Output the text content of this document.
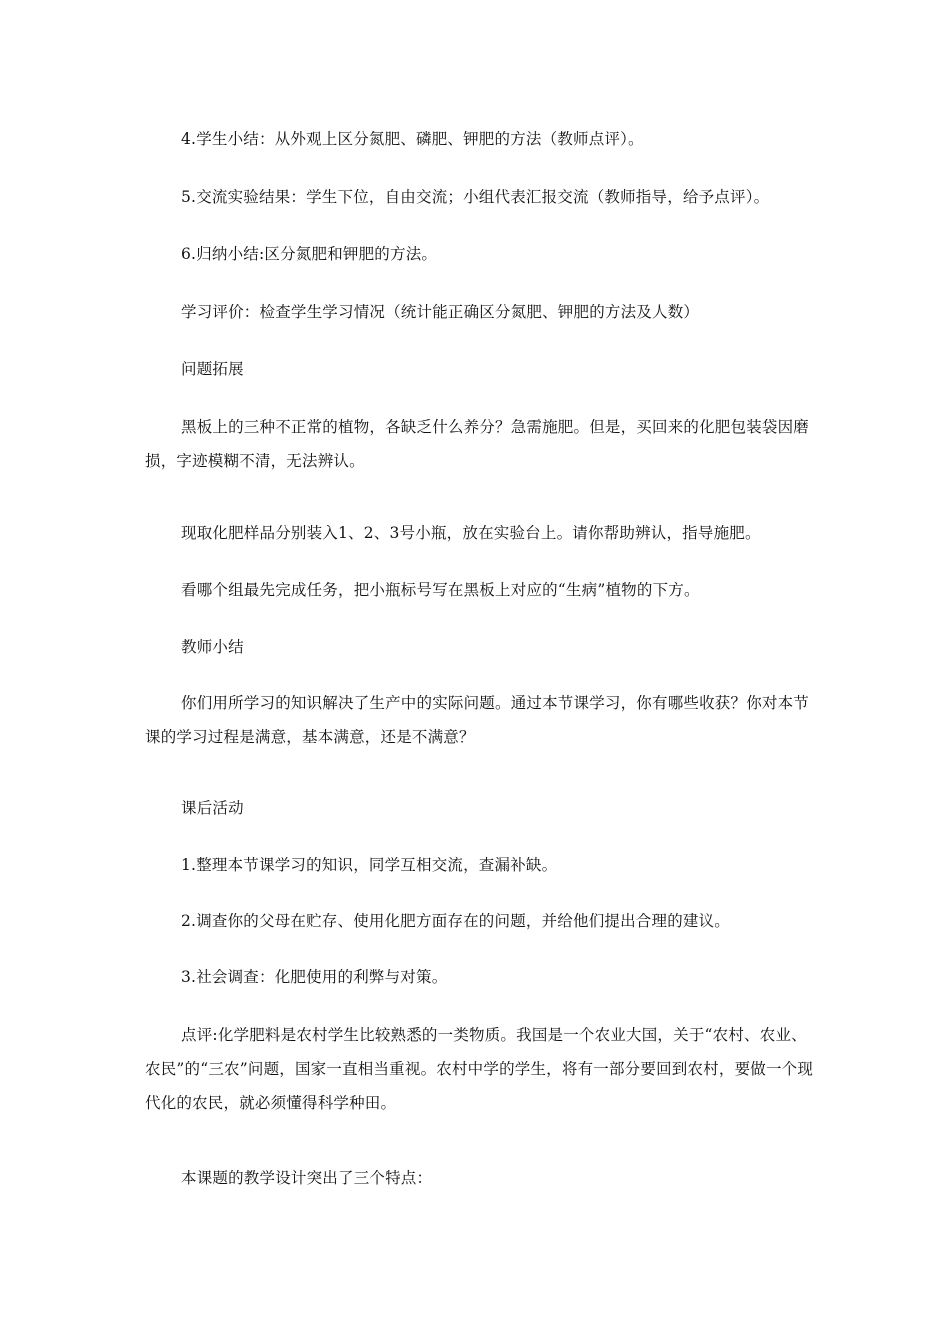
4.学生小结：从外观上区分氮肥、磷肥、钾肥的方法（教师点评）。

5.交流实验结果：学生下位，自由交流；小组代表汇报交流（教师指导，给予点评）。

6.归纳小结:区分氮肥和钾肥的方法。

学习评价：检查学生学习情况（统计能正确区分氮肥、钾肥的方法及人数）

问题拓展

黑板上的三种不正常的植物，各缺乏什么养分？急需施肥。但是，买回来的化肥包装袋因磨损，字迹模糊不清，无法辨认。

现取化肥样品分别装入1、2、3号小瓶，放在实验台上。请你帮助辨认，指导施肥。

看哪个组最先完成任务，把小瓶标号写在黑板上对应的“生病”植物的下方。

教师小结

你们用所学习的知识解决了生产中的实际问题。通过本节课学习，你有哪些收获？你对本节课的学习过程是满意，基本满意，还是不满意？

课后活动

1.整理本节课学习的知识，同学互相交流，查漏补缺。

2.调查你的父母在贮存、使用化肥方面存在的问题，并给他们提出合理的建议。

3.社会调查：化肥使用的利弊与对策。

点评:化学肥料是农村学生比较熟悉的一类物质。我国是一个农业大国，关于“农村、农业、农民”的“三农”问题，国家一直相当重视。农村中学的学生，将有一部分要回到农村，要做一个现代化的农民，就必须懂得科学种田。

本课题的教学设计突出了三个特点：
